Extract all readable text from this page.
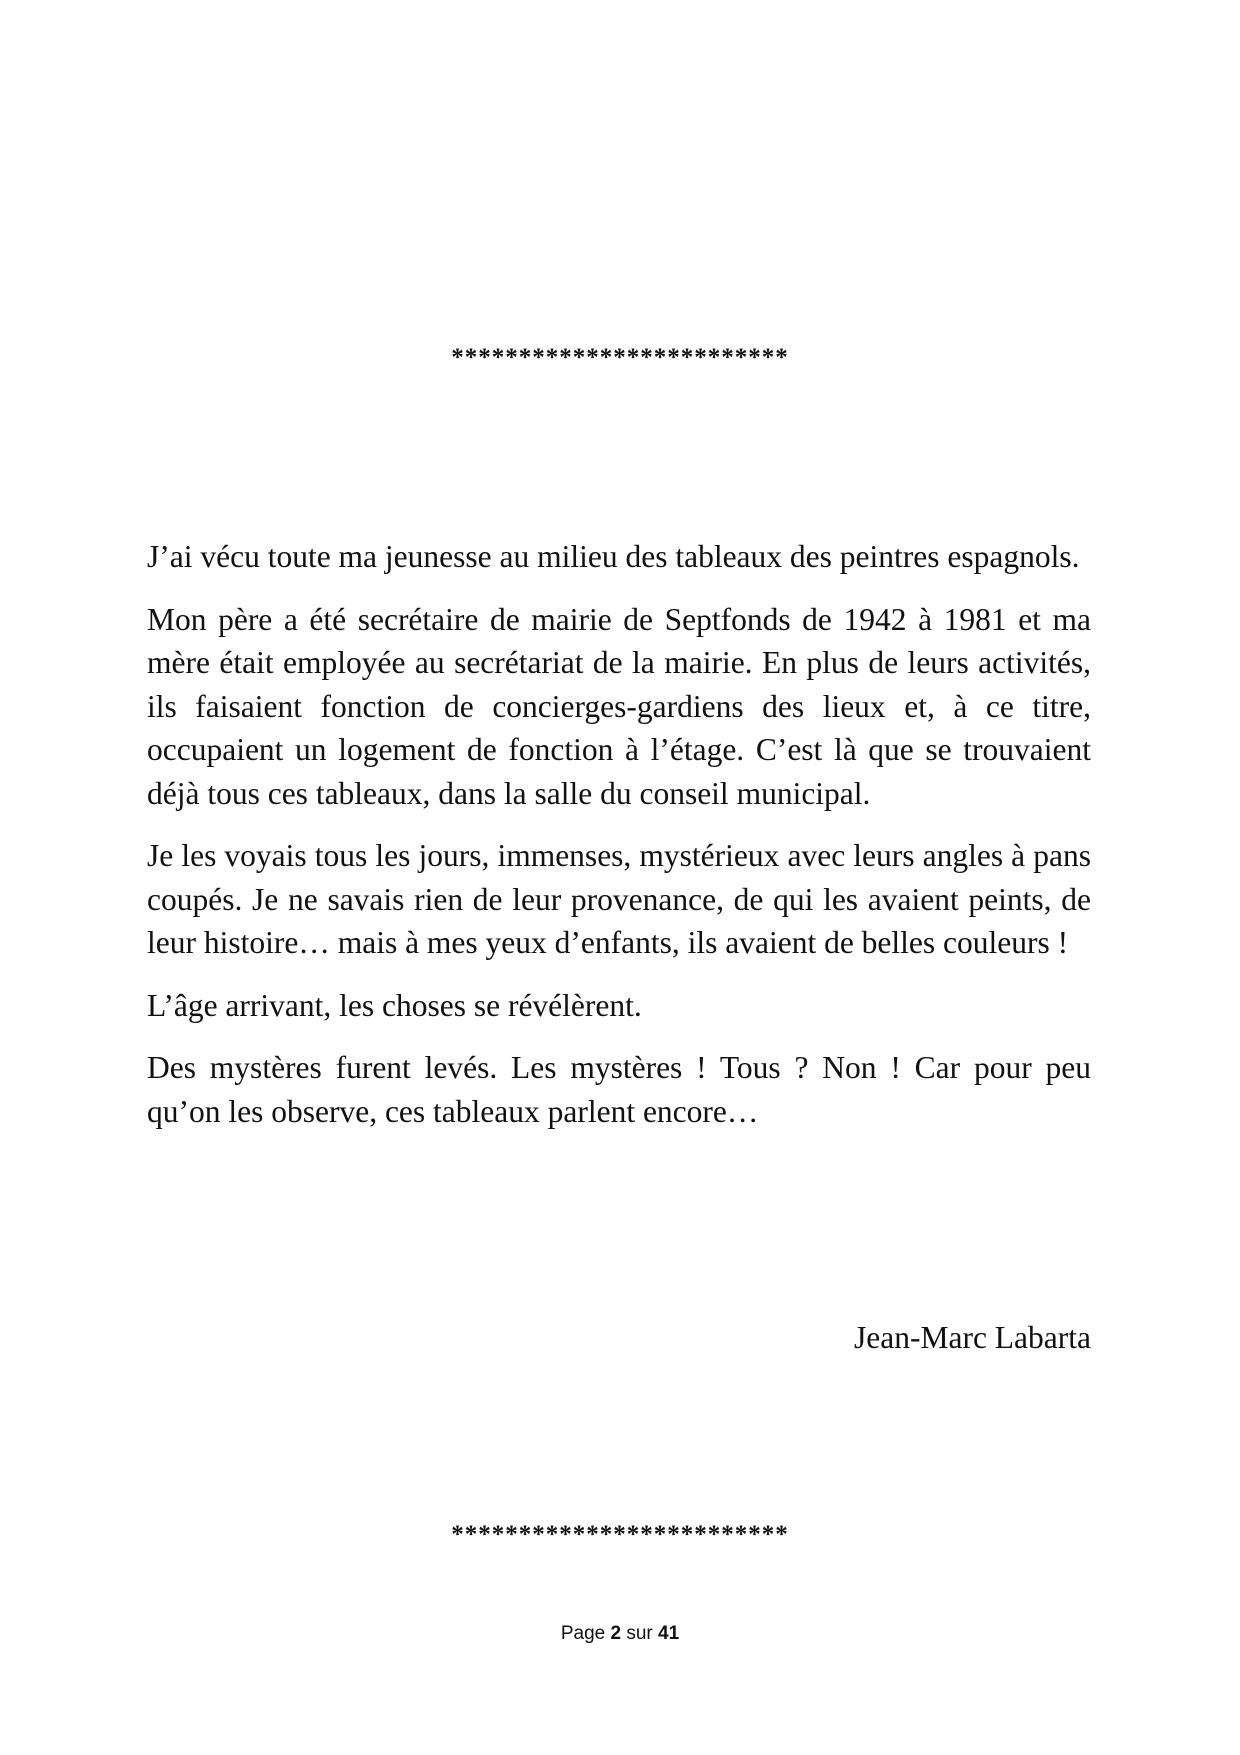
*************************

J’ai vécu toute ma jeunesse au milieu des tableaux des peintres espagnols.

Mon père a été secrétaire de mairie de Septfonds de 1942 à 1981 et ma mère était employée au secrétariat de la mairie. En plus de leurs activités, ils faisaient fonction de concierges-gardiens des lieux et, à ce titre, occupaient un logement de fonction à l’étage. C’est là que se trouvaient déjà tous ces tableaux, dans la salle du conseil municipal.

Je les voyais tous les jours, immenses, mystérieux avec leurs angles à pans coupés. Je ne savais rien de leur provenance, de qui les avaient peints, de leur histoire… mais à mes yeux d’enfants, ils avaient de belles couleurs !

L’âge arrivant, les choses se révélèrent.

Des mystères furent levés. Les mystères ! Tous ? Non ! Car pour peu qu’on les observe, ces tableaux parlent encore…

Jean-Marc Labarta
*************************
Page 2 sur 41
